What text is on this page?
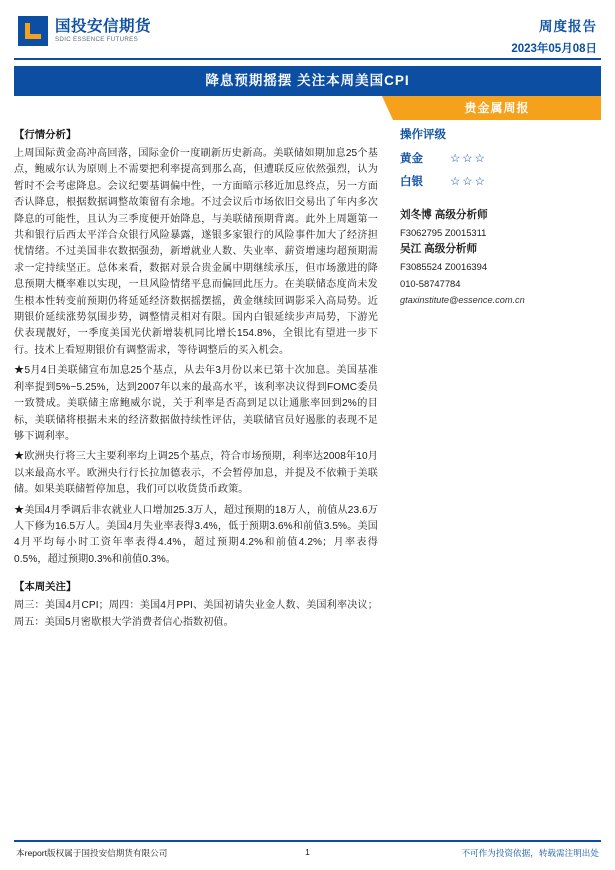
国投安信期货
SDIC ESSENCE FUTURES
周度报告
2023年05月08日
降息预期摇摆 关注本周美国CPI
贵金属周报
【行情分析】

上周国际黄金高冲高回落，国际金价一度刷新历史新高。美联储如期加息25个基点，鲍威尔认为原则上不需要把利率提高到那么高，但遭联反应依然强烈，认为暂时不会考虑降息。会议纪要基调偏中性，一方面暗示移近加息终点，另一方面否认降息，根据数据调整故策留有余地。不过会议后市场依旧交易出了年内多次降息的可能性，且认为三季度便开始降息，与美联储预期背离。此外上周题第一共和银行后西太平洋合众银行风险暴露，遂银多家银行的风险事件加大了经济担忧情绪。不过美国非农数据强劲，新增就业人数、失业率、薪资增速均超预期需求一定持续坚正。总体来看，数据对景合贵金属中期继续承压，但市场激进的降息预期大概率难以实现，一旦风险情绪平息而偏回此压力。在美联储态度尚未发生根本性转变前预期仍将延延经济数据摇摆摇，黄金继续回调影采入高局势。近期银价延续涨势氛围步势，调整情灵相对有限。国内白银延续步声局势，下游光伏表现靓好，一季度美国光伏新增装机同比增长154.8%，全银比有望进一步下行。技术上看短期银价有调整需求，等待调整后的买入机会。

★5月4日美联储宣布加息25个基点，从去年3月份以来已第十次加息。美国基准利率提到5%~5.25%，达到2007年以来的最高水平，该利率决议得到FOMC委员一致赞成。美联储主席鲍威尔说，关于利率是否高到足以让通胀率回到2%的目标，美联储将根据未来的经济数据做持续性评估，美联储官员好遏胀的表现不足够下调利率。

★欧洲央行将三大主要利率均上调25个基点，符合市场预期，利率达2008年10月以来最高水平。欧洲央行行长拉加德表示，不会暂停加息，并提及不依赖于美联储。如果美联储暂停加息，我们可以收货货币政策。

★美国4月季调后非农就业人口增加25.3万人，超过预期的18万人，前值从23.6万人下修为16.5万人。美国4月失业率表得3.4%，低于预期3.6%和前值3.5%。美国4月平均每小时工资年率表得4.4%，超过预期4.2%和前值4.2%；月率表得0.5%，超过预期0.3%和前值0.3%。

【本周关注】

周三：美国4月CPI；周四：美国4月PPI、美国初请失业金人数、美国利率决议；周五：美国5月密歇根大学消费者信心指数初值。

操作评级
黄金	☆☆☆
白银	☆☆☆
刘冬博 高级分析师
F3062795 Z0015311
吴江 高级分析师
F3085524 Z0016394
010-58747784
gtaxinstitute@essence.com.cn
本report版权属于国投安信期货有限公司	1	不可作为投资依据，转载需注明出处
